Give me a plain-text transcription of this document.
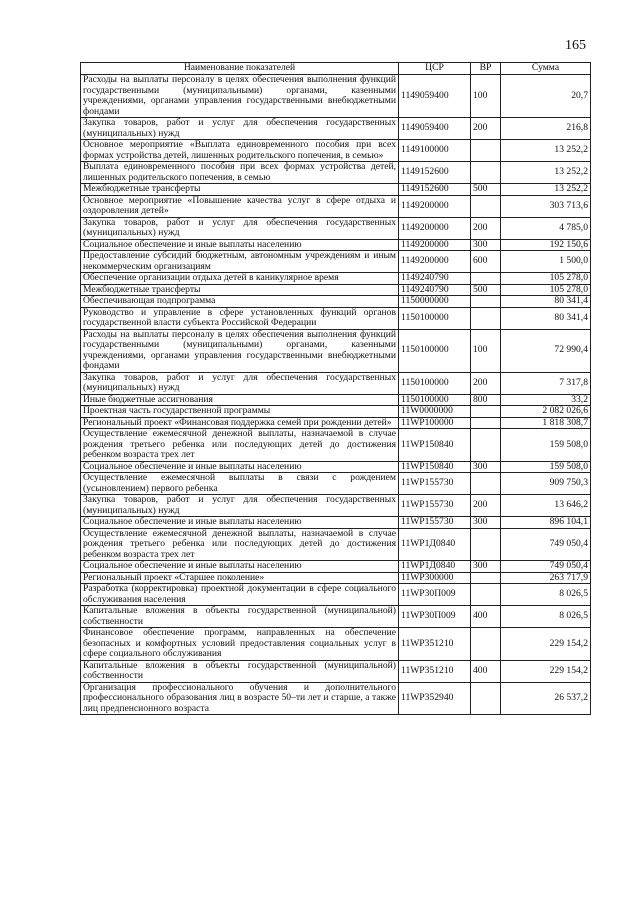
165
Наименование показателей	ЦСР	ВР	Сумма
Расходы на выплаты персоналу в целях обеспечения выполнения функций государственными (муниципальными) органами, казенными учреждениями, органами управления государственными внебюджетными фондами	1149059400	100	20,7
Закупка товаров, работ и услуг для обеспечения государственных (муниципальных) нужд	1149059400	200	216,8
Основное мероприятие «Выплата единовременного пособия при всех формах устройства детей, лишенных родительского попечения, в семью»	1149100000		13 252,2
Выплата единовременного пособия при всех формах устройства детей, лишенных родительского попечения, в семью	1149152600		13 252,2
Межбюджетные трансферты	1149152600	500	13 252,2
Основное мероприятие «Повышение качества услуг в сфере отдыха и оздоровления детей»	1149200000		303 713,6
Закупка товаров, работ и услуг для обеспечения государственных (муниципальных) нужд	1149200000	200	4 785,0
Социальное обеспечение и иные выплаты населению	1149200000	300	192 150,6
Предоставление субсидий бюджетным, автономным учреждениям и иным некоммерческим организациям	1149200000	600	1 500,0
Обеспечение организации отдыха детей в каникулярное время	1149240790		105 278,0
Межбюджетные трансферты	1149240790	500	105 278,0
Обеспечивающая подпрограмма	1150000000		80 341,4
Руководство и управление в сфере установленных функций органов государственной власти субъекта Российской Федерации	1150100000		80 341,4
Расходы на выплаты персоналу в целях обеспечения выполнения функций государственными (муниципальными) органами, казенными учреждениями, органами управления государственными внебюджетными фондами	1150100000	100	72 990,4
Закупка товаров, работ и услуг для обеспечения государственных (муниципальных) нужд	1150100000	200	7 317,8
Иные бюджетные ассигнования	1150100000	800	33,2
Проектная часть государственной программы	11W0000000		2 082 026,6
Региональный проект «Финансовая поддержка семей при рождении детей»	11WP100000		1 818 308,7
Осуществление ежемесячной денежной выплаты, назначаемой в случае рождения третьего ребенка или последующих детей до достижения ребенком возраста трех лет	11WP150840		159 508,0
Социальное обеспечение и иные выплаты населению	11WP150840	300	159 508,0
Осуществление ежемесячной выплаты в связи с рождением (усыновлением) первого ребенка	11WP155730		909 750,3
Закупка товаров, работ и услуг для обеспечения государственных (муниципальных) нужд	11WP155730	200	13 646,2
Социальное обеспечение и иные выплаты населению	11WP155730	300	896 104,1
Осуществление ежемесячной денежной выплаты, назначаемой в случае рождения третьего ребенка или последующих детей до достижения ребенком возраста трех лет	11WP1Д0840		749 050,4
Социальное обеспечение и иные выплаты населению	11WP1Д0840	300	749 050,4
Региональный проект «Старшее поколение»	11WP300000		263 717,9
Разработка (корректировка) проектной документации в сфере социального обслуживания населения	11WP30П009		8 026,5
Капитальные вложения в объекты государственной (муниципальной) собственности	11WP30П009	400	8 026,5
Финансовое обеспечение программ, направленных на обеспечение безопасных и комфортных условий предоставления социальных услуг в сфере социального обслуживания	11WP351210		229 154,2
Капитальные вложения в объекты государственной (муниципальной) собственности	11WP351210	400	229 154,2
Организация профессионального обучения и дополнительного профессионального образования лиц в возрасте 50–ти лет и старше, а также лиц предпенсионного возраста	11WP352940		26 537,2
